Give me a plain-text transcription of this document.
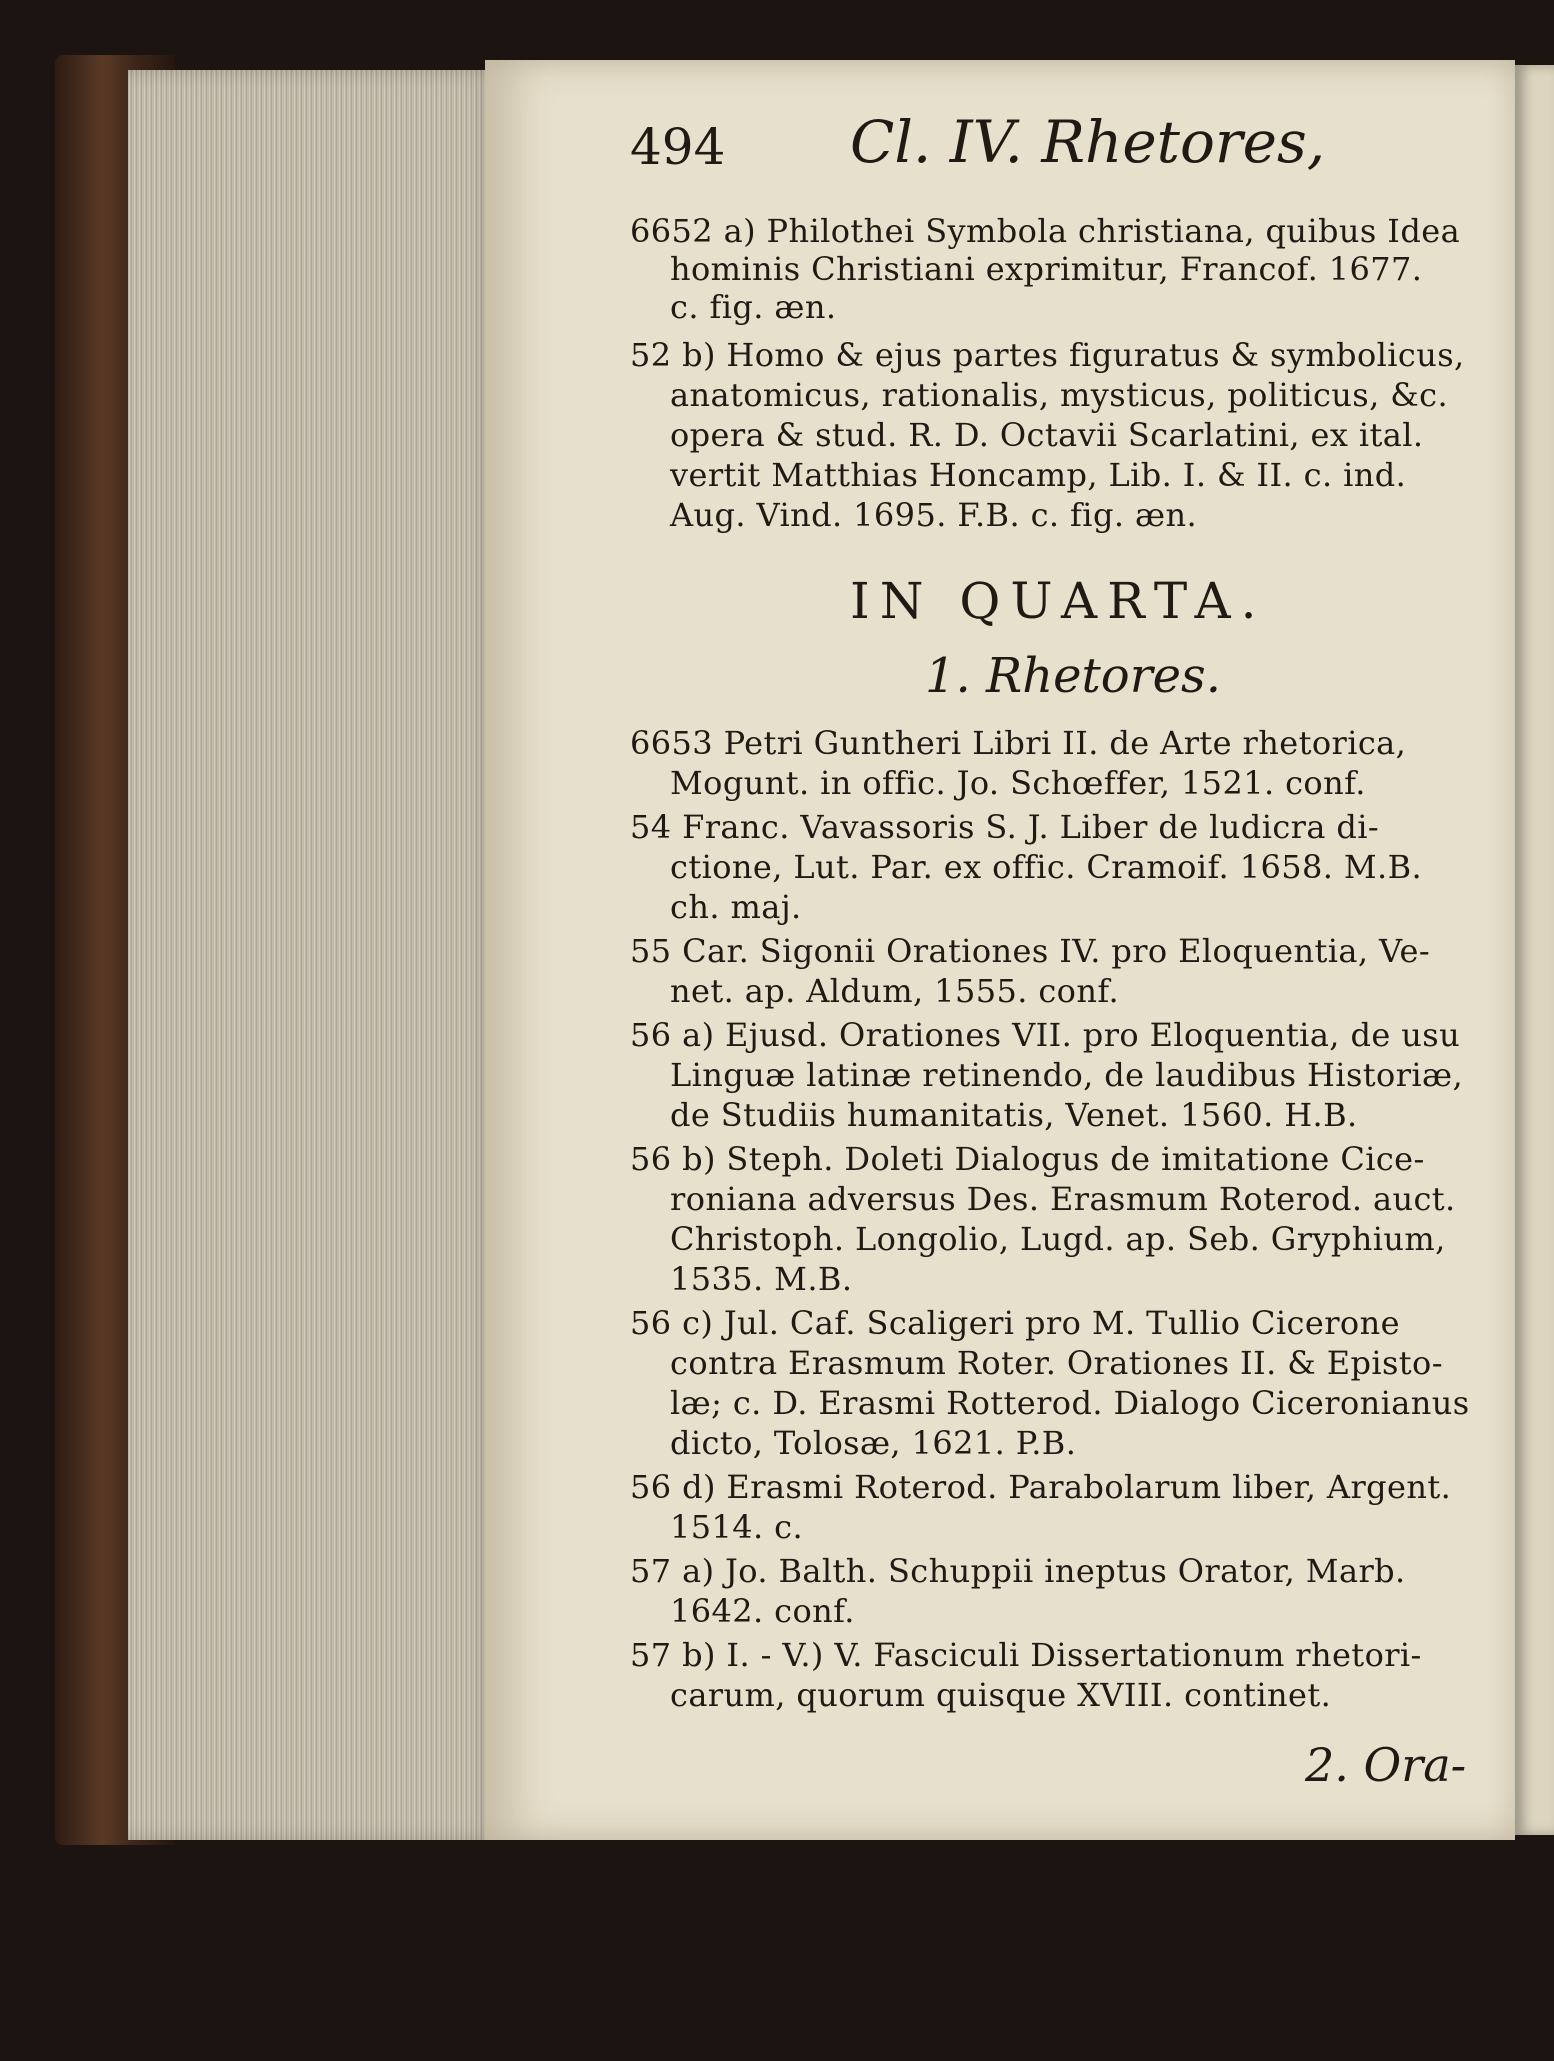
494 Cl. IV. Rhetores,
6652 a) Philothei Symbola christiana, quibus Idea
hominis Christiani exprimitur, Francof. 1677.
c. fig. æn.
52 b) Homo & ejus partes figuratus & symbolicus,
anatomicus, rationalis, mysticus, politicus, &c.
opera & stud. R. D. Octavii Scarlatini, ex ital.
vertit Matthias Honcamp, Lib. I. & II. c. ind.
Aug. Vind. 1695. F.B. c. fig. æn.
IN QUARTA.
1. Rhetores.
6653 Petri Guntheri Libri II. de Arte rhetorica,
Mogunt. in offic. Jo. Schœffer, 1521. conf.
54 Franc. Vavassoris S. J. Liber de ludicra di-
ctione, Lut. Par. ex offic. Cramoif. 1658. M.B.
ch. maj.
55 Car. Sigonii Orationes IV. pro Eloquentia, Ve-
net. ap. Aldum, 1555. conf.
56 a) Ejusd. Orationes VII. pro Eloquentia, de usu
Linguæ latinæ retinendo, de laudibus Historiæ,
de Studiis humanitatis, Venet. 1560. H.B.
56 b) Steph. Doleti Dialogus de imitatione Cice-
roniana adversus Des. Erasmum Roterod. auct.
Christoph. Longolio, Lugd. ap. Seb. Gryphium,
1535. M.B.
56 c) Jul. Caf. Scaligeri pro M. Tullio Cicerone
contra Erasmum Roter. Orationes II. & Episto-
læ; c. D. Erasmi Rotterod. Dialogo Ciceronianus
dicto, Tolosæ, 1621. P.B.
56 d) Erasmi Roterod. Parabolarum liber, Argent.
1514. c.
57 a) Jo. Balth. Schuppii ineptus Orator, Marb.
1642. conf.
57 b) I. - V.) V. Fasciculi Dissertationum rhetori-
carum, quorum quisque XVIII. continet.
2. Ora-
